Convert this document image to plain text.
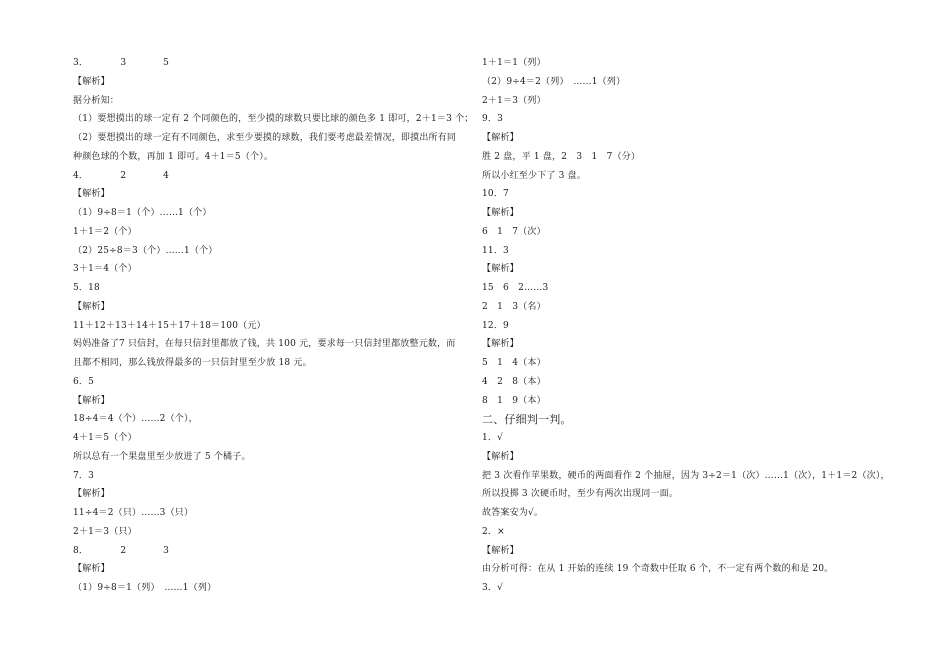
3．　　　　3　　　　5
【解析】
据分析知：
（1）要想摸出的球一定有 2 个同颜色的，至少摸的球数只要比球的颜色多 1 即可，2＋1＝3 个；
（2）要想摸出的球一定有不同颜色，求至少要摸的球数，我们要考虑最差情况，即摸出所有同
种颜色球的个数，再加 1 即可。4＋1＝5（个）。
4．　　　　2　　　　4
【解析】
（1）9÷8＝1（个）……1（个）
1＋1＝2（个）
（2）25÷8＝3（个）……1（个）
3＋1＝4（个）
5．18
【解析】
11＋12＋13＋14＋15＋17＋18＝100（元）
妈妈准备了7 只信封，在每只信封里都放了钱，共 100 元，要求每一只信封里都放整元数，而
且都不相同，那么钱放得最多的一只信封里至少放 18 元。
6．5
【解析】
18÷4＝4（个）……2（个），
4＋1＝5（个）
所以总有一个果盘里至少放进了 5 个橘子。
7．3
【解析】
11÷4＝2（只）……3（只）
2＋1＝3（只）
8．　　　　2　　　　3
【解析】
（1）9÷8＝1（列）　……1（列）
1＋1＝1（列）
（2）9÷4＝2（列）　……1（列）
2＋1＝3（列）
9．3
【解析】
胜 2 盘，平 1 盘，2　3　1　7（分）
所以小红至少下了 3 盘。
10．7
【解析】
6　1　7（次）
11．3
【解析】
15　6　2……3
2　1　3（名）
12．9
【解析】
5　1　4（本）
4　2　8（本）
8　1　9（本）
二、仔细判一判。
1．√
【解析】
把 3 次看作苹果数，硬币的两面看作 2 个抽屉，因为 3÷2＝1（次）……1（次），1＋1＝2（次），
所以投掷 3 次硬币时，至少有两次出现同一面。
故答案安为√。
2．×
【解析】
由分析可得：在从 1 开始的连续 19 个奇数中任取 6 个，不一定有两个数的和是 20。
3．√
